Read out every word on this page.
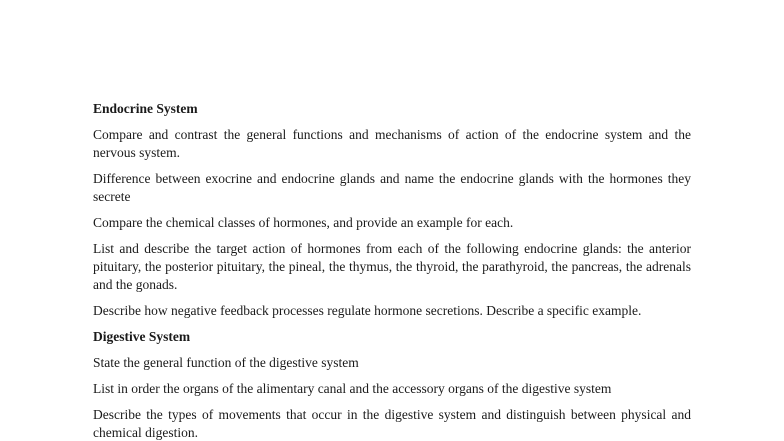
Endocrine System
Compare and contrast the general functions and mechanisms of action of the endocrine system and the nervous system.
Difference between exocrine and endocrine glands and name the endocrine glands with the hormones they secrete
Compare the chemical classes of hormones, and provide an example for each.
List and describe the target action of hormones from each of the following endocrine glands: the anterior pituitary, the posterior pituitary, the pineal, the thymus, the thyroid, the parathyroid, the pancreas, the adrenals and the gonads.
Describe how negative feedback processes regulate hormone secretions. Describe a specific example.
Digestive System
State the general function of the digestive system
List in order the organs of the alimentary canal and the accessory organs of the digestive system
Describe the types of movements that occur in the digestive system and distinguish between physical and chemical digestion.
